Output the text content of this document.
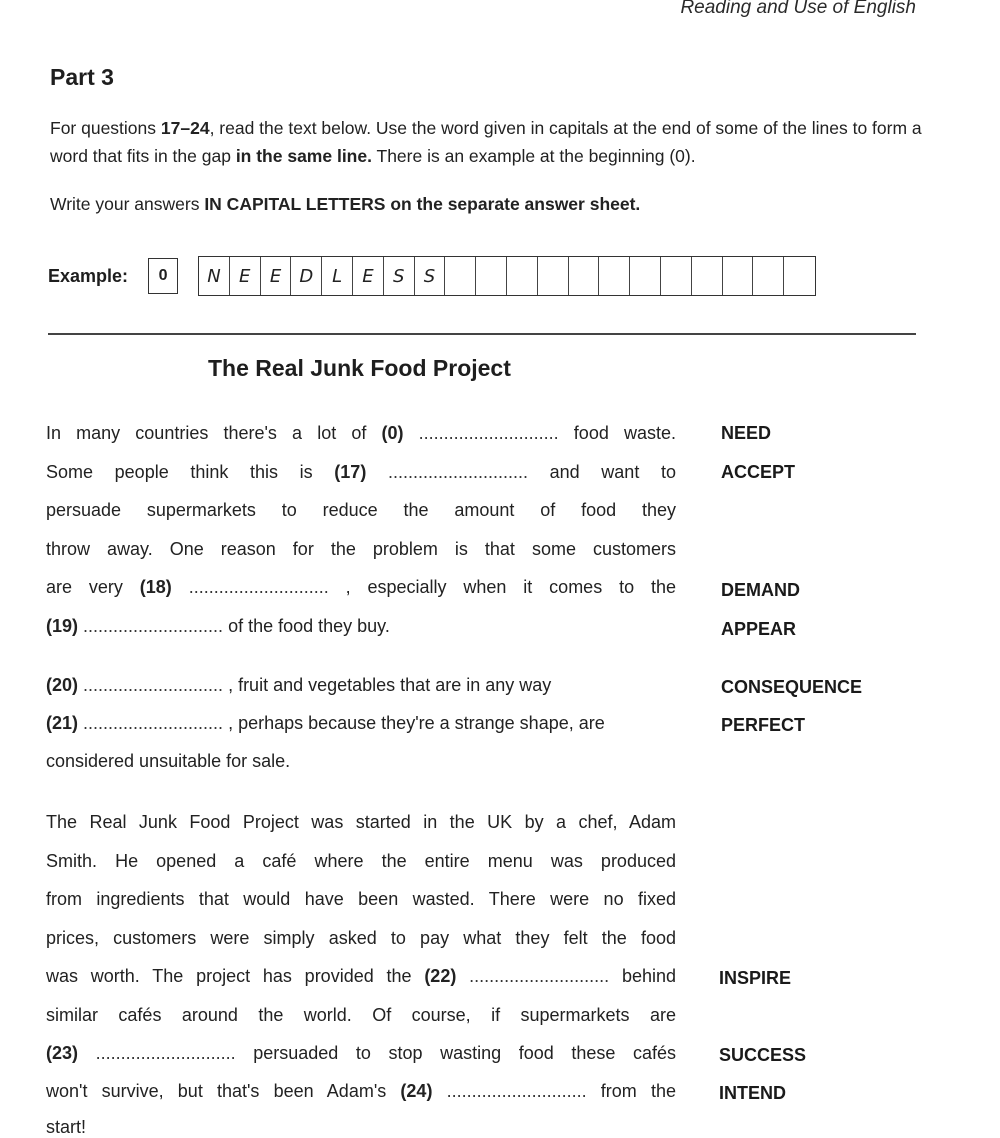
Reading and Use of English
Part 3
For questions 17–24, read the text below. Use the word given in capitals at the end of some of the lines to form a word that fits in the gap in the same line. There is an example at the beginning (0).
Write your answers IN CAPITAL LETTERS on the separate answer sheet.
Example:	0	N	E	E	D	L	E	S	S
The Real Junk Food Project
In many countries there's a lot of (0) ............................ food waste.	NEED
Some people think this is (17) ............................ and want to	ACCEPT
persuade supermarkets to reduce the amount of food they
throw away. One reason for the problem is that some customers
are very (18) ............................ , especially when it comes to the	DEMAND
(19) ............................ of the food they buy.	APPEAR
(20) ............................ , fruit and vegetables that are in any way	CONSEQUENCE
(21) ............................ , perhaps because they're a strange shape, are	PERFECT
considered unsuitable for sale.
The Real Junk Food Project was started in the UK by a chef, Adam
Smith. He opened a café where the entire menu was produced
from ingredients that would have been wasted. There were no fixed
prices, customers were simply asked to pay what they felt the food
was worth. The project has provided the (22) ............................ behind INSPIRE
similar cafés around the world. Of course, if supermarkets are
(23) ............................ persuaded to stop wasting food these cafés SUCCESS
won't survive, but that's been Adam's (24) ............................ from the INTEND
start!
